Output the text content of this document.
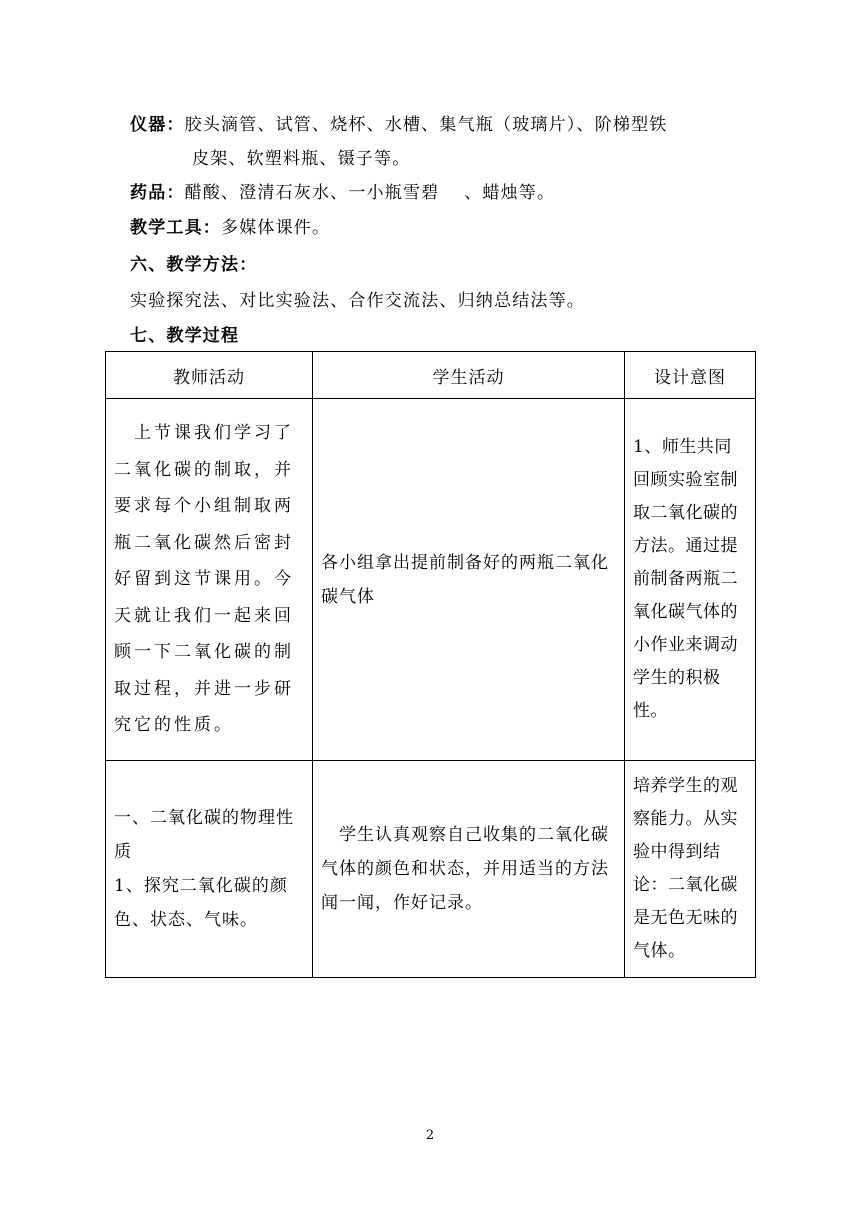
仪器：胶头滴管、试管、烧杯、水槽、集气瓶（玻璃片）、阶梯型铁
皮架、软塑料瓶、镊子等。
药品：醋酸、澄清石灰水、一小瓶雪碧　 、蜡烛等。
教学工具：多媒体课件。
六、教学方法：
实验探究法、对比实验法、合作交流法、归纳总结法等。
七、教学过程
教师活动	学生活动	设计意图

　上节课我们学习了二氧化碳的制取，并要求每个小组制取两瓶二氧化碳然后密封好留到这节课用。今天就让我们一起来回顾一下二氧化碳的制取过程，并进一步研究它的性质。	各小组拿出提前制备好的两瓶二氧化碳气体	1、师生共同回顾实验室制取二氧化碳的方法。通过提前制备两瓶二氧化碳气体的小作业来调动学生的积极性。

一、二氧化碳的物理性质
1、探究二氧化碳的颜色、状态、气味。	　学生认真观察自己收集的二氧化碳气体的颜色和状态，并用适当的方法闻一闻，作好记录。	培养学生的观察能力。从实验中得到结论：二氧化碳是无色无味的气体。
2
